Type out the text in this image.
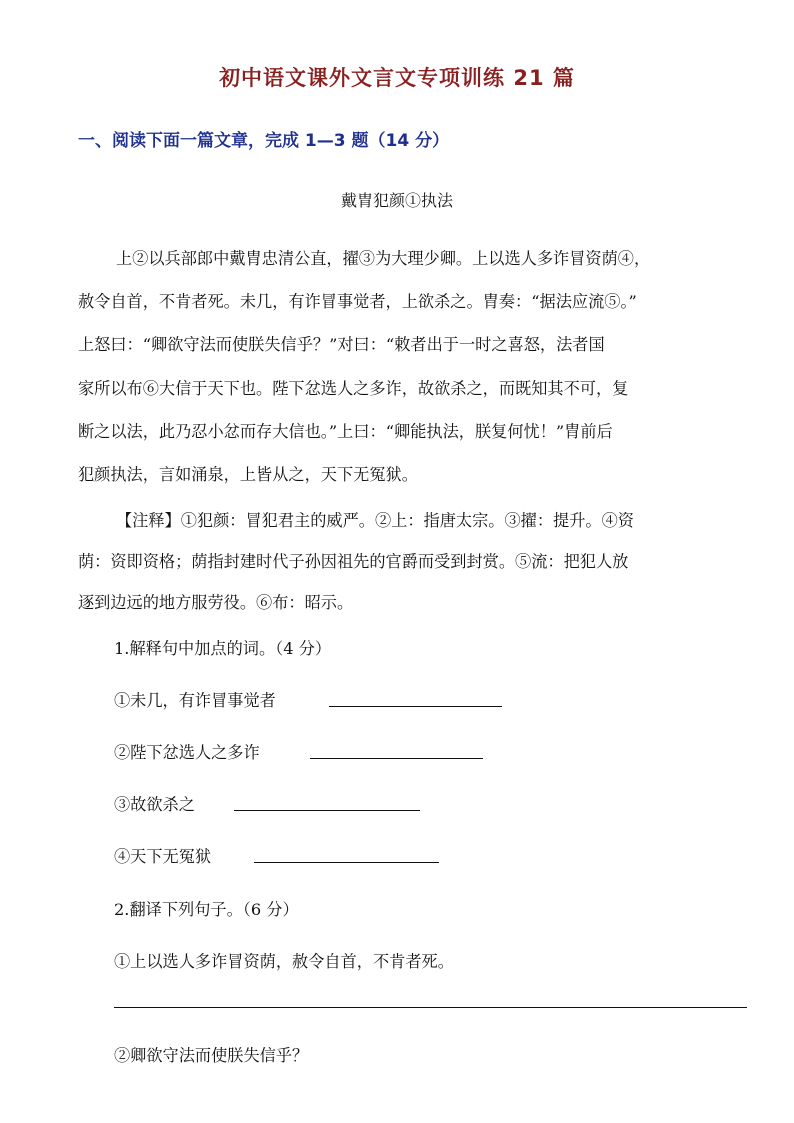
初中语文课外文言文专项训练 21 篇
一、阅读下面一篇文章，完成 1—3 题（14 分）
戴胄犯颜①执法
上②以兵部郎中戴胄忠清公直，擢③为大理少卿。上以选人多诈冒资荫④，
赦令自首，不肯者死。未几，有诈冒事觉者，上欲杀之。胄奏：“据法应流⑤。”
上怒曰：“卿欲守法而使朕失信乎？”对曰：“敕者出于一时之喜怒，法者国
家所以布⑥大信于天下也。陛下忿选人之多诈，故欲杀之，而既知其不可，复
断之以法，此乃忍小忿而存大信也。”上曰：“卿能执法，朕复何忧！”胄前后
犯颜执法，言如涌泉，上皆从之，天下无冤狱。
【注释】①犯颜：冒犯君主的威严。②上：指唐太宗。③擢：提升。④资
荫：资即资格；荫指封建时代子孙因祖先的官爵而受到封赏。⑤流：把犯人放
逐到边远的地方服劳役。⑥布：昭示。
1.解释句中加点的词。（4 分）
①未几，有诈冒事觉者
②陛下忿选人之多诈
③故欲杀之
④天下无冤狱
2.翻译下列句子。（6 分）
①上以选人多诈冒资荫，赦令自首，不肯者死。
②卿欲守法而使朕失信乎？
